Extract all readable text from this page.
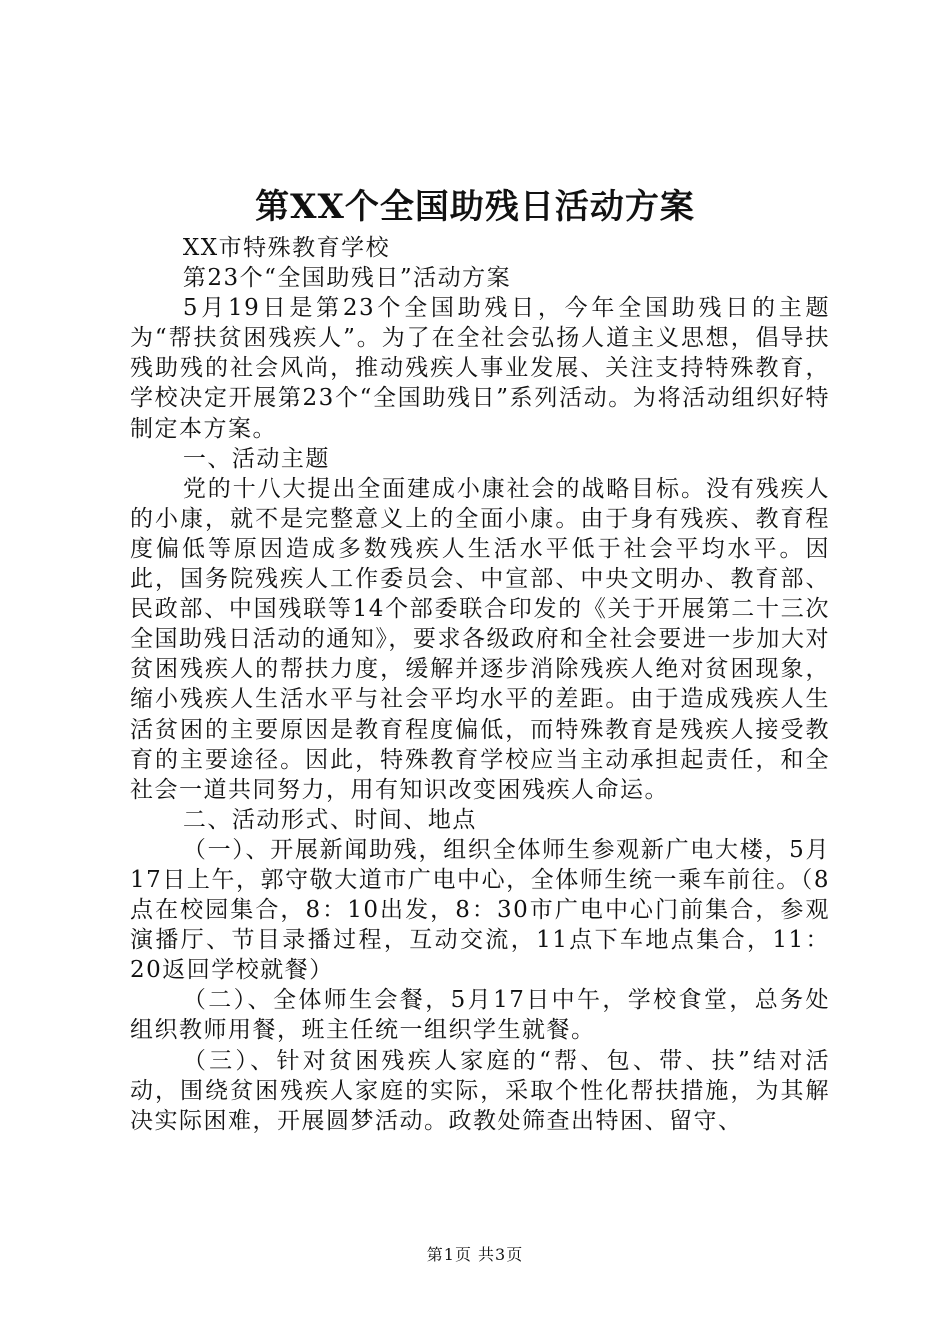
第XX个全国助残日活动方案

XX市特殊教育学校

第23个“全国助残日”活动方案

5月19日是第23个全国助残日，今年全国助残日的主题为“帮扶贫困残疾人”。为了在全社会弘扬人道主义思想，倡导扶残助残的社会风尚，推动残疾人事业发展、关注支持特殊教育，学校决定开展第23个“全国助残日”系列活动。为将活动组织好特制定本方案。

一、活动主题

党的十八大提出全面建成小康社会的战略目标。没有残疾人的小康，就不是完整意义上的全面小康。由于身有残疾、教育程度偏低等原因造成多数残疾人生活水平低于社会平均水平。因此，国务院残疾人工作委员会、中宣部、中央文明办、教育部、民政部、中国残联等14个部委联合印发的《关于开展第二十三次全国助残日活动的通知》，要求各级政府和全社会要进一步加大对贫困残疾人的帮扶力度，缓解并逐步消除残疾人绝对贫困现象，缩小残疾人生活水平与社会平均水平的差距。由于造成残疾人生活贫困的主要原因是教育程度偏低，而特殊教育是残疾人接受教育的主要途径。因此，特殊教育学校应当主动承担起责任，和全社会一道共同努力，用有知识改变困残疾人命运。

二、活动形式、时间、地点

（一）、开展新闻助残，组织全体师生参观新广电大楼，5月17日上午，郭守敬大道市广电中心，全体师生统一乘车前往。（8点在校园集合，8：10出发，8：30市广电中心门前集合，参观演播厅、节目录播过程，互动交流，11点下车地点集合，11：20返回学校就餐）

（二）、全体师生会餐，5月17日中午，学校食堂，总务处组织教师用餐，班主任统一组织学生就餐。

（三）、针对贫困残疾人家庭的“帮、包、带、扶”结对活动，围绕贫困残疾人家庭的实际，采取个性化帮扶措施，为其解决实际困难，开展圆梦活动。政教处筛查出特困、留守、

第1页 共3页
